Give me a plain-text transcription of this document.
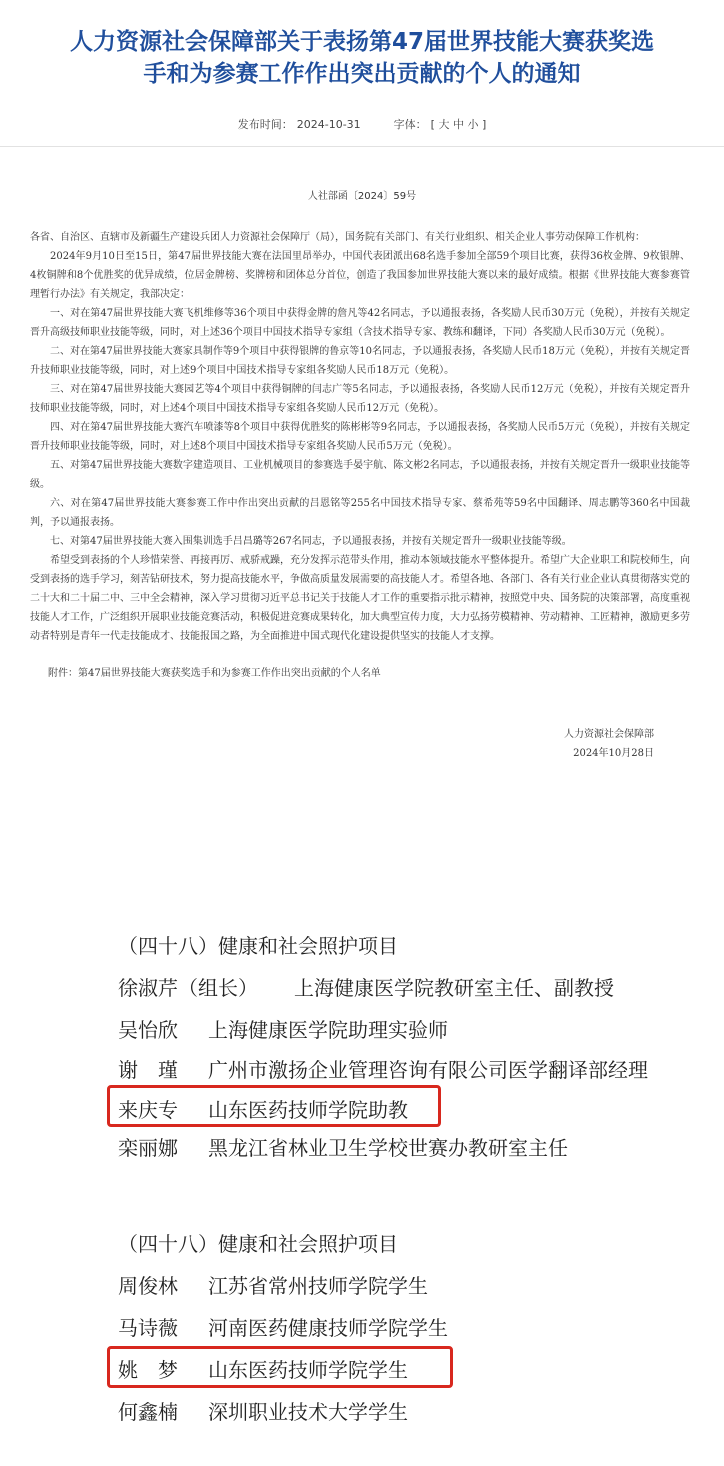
人力资源社会保障部关于表扬第47届世界技能大赛获奖选
手和为参赛工作作出突出贡献的个人的通知
发布时间： 2024-10-31	字体： [ 大 中 小 ]
人社部函〔2024〕59号

各省、自治区、直辖市及新疆生产建设兵团人力资源社会保障厅（局），国务院有关部门、有关行业组织、相关企业人事劳动保障工作机构：

2024年9月10日至15日，第47届世界技能大赛在法国里昂举办，中国代表团派出68名选手参加全部59个项目比赛，获得36枚金牌、9枚银牌、4枚铜牌和8个优胜奖的优异成绩，位居金牌榜、奖牌榜和团体总分首位，创造了我国参加世界技能大赛以来的最好成绩。根据《世界技能大赛参赛管理暂行办法》有关规定，我部决定：

一、对在第47届世界技能大赛飞机维修等36个项目中获得金牌的詹凡等42名同志，予以通报表扬，各奖励人民币30万元（免税），并按有关规定晋升高级技师职业技能等级，同时，对上述36个项目中国技术指导专家组（含技术指导专家、教练和翻译，下同）各奖励人民币30万元（免税）。

二、对在第47届世界技能大赛家具制作等9个项目中获得银牌的鲁京等10名同志，予以通报表扬，各奖励人民币18万元（免税），并按有关规定晋升技师职业技能等级，同时，对上述9个项目中国技术指导专家组各奖励人民币18万元（免税）。

三、对在第47届世界技能大赛园艺等4个项目中获得铜牌的闫志广等5名同志，予以通报表扬，各奖励人民币12万元（免税），并按有关规定晋升技师职业技能等级，同时，对上述4个项目中国技术指导专家组各奖励人民币12万元（免税）。

四、对在第47届世界技能大赛汽车喷漆等8个项目中获得优胜奖的陈彬彬等9名同志，予以通报表扬，各奖励人民币5万元（免税），并按有关规定晋升技师职业技能等级，同时，对上述8个项目中国技术指导专家组各奖励人民币5万元（免税）。

五、对第47届世界技能大赛数字建造项目、工业机械项目的参赛选手晏宇航、陈文彬2名同志，予以通报表扬，并按有关规定晋升一级职业技能等级。

六、对在第47届世界技能大赛参赛工作中作出突出贡献的吕恩铭等255名中国技术指导专家、蔡希苑等59名中国翻译、周志鹏等360名中国裁判，予以通报表扬。

七、对第47届世界技能大赛入围集训选手吕昌璐等267名同志，予以通报表扬，并按有关规定晋升一级职业技能等级。

希望受到表扬的个人珍惜荣誉、再接再厉、戒骄戒躁，充分发挥示范带头作用，推动本领域技能水平整体提升。希望广大企业职工和院校师生，向受到表扬的选手学习，刻苦钻研技术，努力提高技能水平，争做高质量发展需要的高技能人才。希望各地、各部门、各有关行业企业认真贯彻落实党的二十大和二十届二中、三中全会精神，深入学习贯彻习近平总书记关于技能人才工作的重要指示批示精神，按照党中央、国务院的决策部署，高度重视技能人才工作，广泛组织开展职业技能竞赛活动，积极促进竞赛成果转化，加大典型宣传力度，大力弘扬劳模精神、劳动精神、工匠精神，激励更多劳动者特别是青年一代走技能成才、技能报国之路，为全面推进中国式现代化建设提供坚实的技能人才支撑。

附件：第47届世界技能大赛获奖选手和为参赛工作作出突出贡献的个人名单
人力资源社会保障部
2024年10月28日
（四十八）健康和社会照护项目
徐淑芹（组长） 上海健康医学院教研室主任、副教授
吴怡欣 上海健康医学院助理实验师
谢　瑾 广州市激扬企业管理咨询有限公司医学翻译部经理
来庆专 山东医药技师学院助教
栾丽娜 黑龙江省林业卫生学校世赛办教研室主任
（四十八）健康和社会照护项目
周俊林 江苏省常州技师学院学生
马诗薇 河南医药健康技师学院学生
姚　梦 山东医药技师学院学生
何鑫楠 深圳职业技术大学学生
